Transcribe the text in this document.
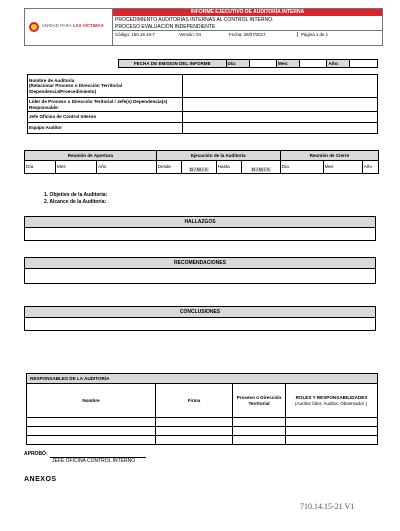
UNIDAD PARA LAS VÍCTIMAS
INFORME EJECUTIVO DE AUDITORÍA INTERNA
PROCEDIMIENTO AUDITORÍAS INTERNAS AL CONTROL INTERNO.
PROCESO EVALUACIÓN INDEPENDIENTE
Código: 150.19.15-7	Versión: 04	Fecha: 26/07/2017	Página 1 de 1
FECHA DE EMISION DEL INFORME	Día:		Mes:		Año:	
Nombre de Auditoría
(Relacionar Proceso o Dirección Territorial /Dependencia/Proecedimiento)	
Líder de Proceso o Dirección Teritorial / Jefe(s) Dependencia(s) Responsable:	
Jefe Oficina de Control Interno	
Equipo Auditor	
Reunión de Apertura			Ejecución de la Auditoría				Reunión de Cierre		
Día	Mes	Año	Desde	D / M / A	Hasta	D / M / A	Día	Mes	Año
1. Objetivo de la Auditoría:
2. Alcance de la Auditoría:
HALLAZGOS
RECOMENDACIONES
CONCLUSIONES
RESPONSABLES DE LA AUDITORÍA			
Nombre	Firma	Proceso o Dirección Territorial	ROLES Y RESPONSABILIDADES
(Auditor líder, Auditor, Observador )

APROBÓ:
JEFE OFICINA CONTROL INTERNO
ANEXOS
710.14.15-21 V1
